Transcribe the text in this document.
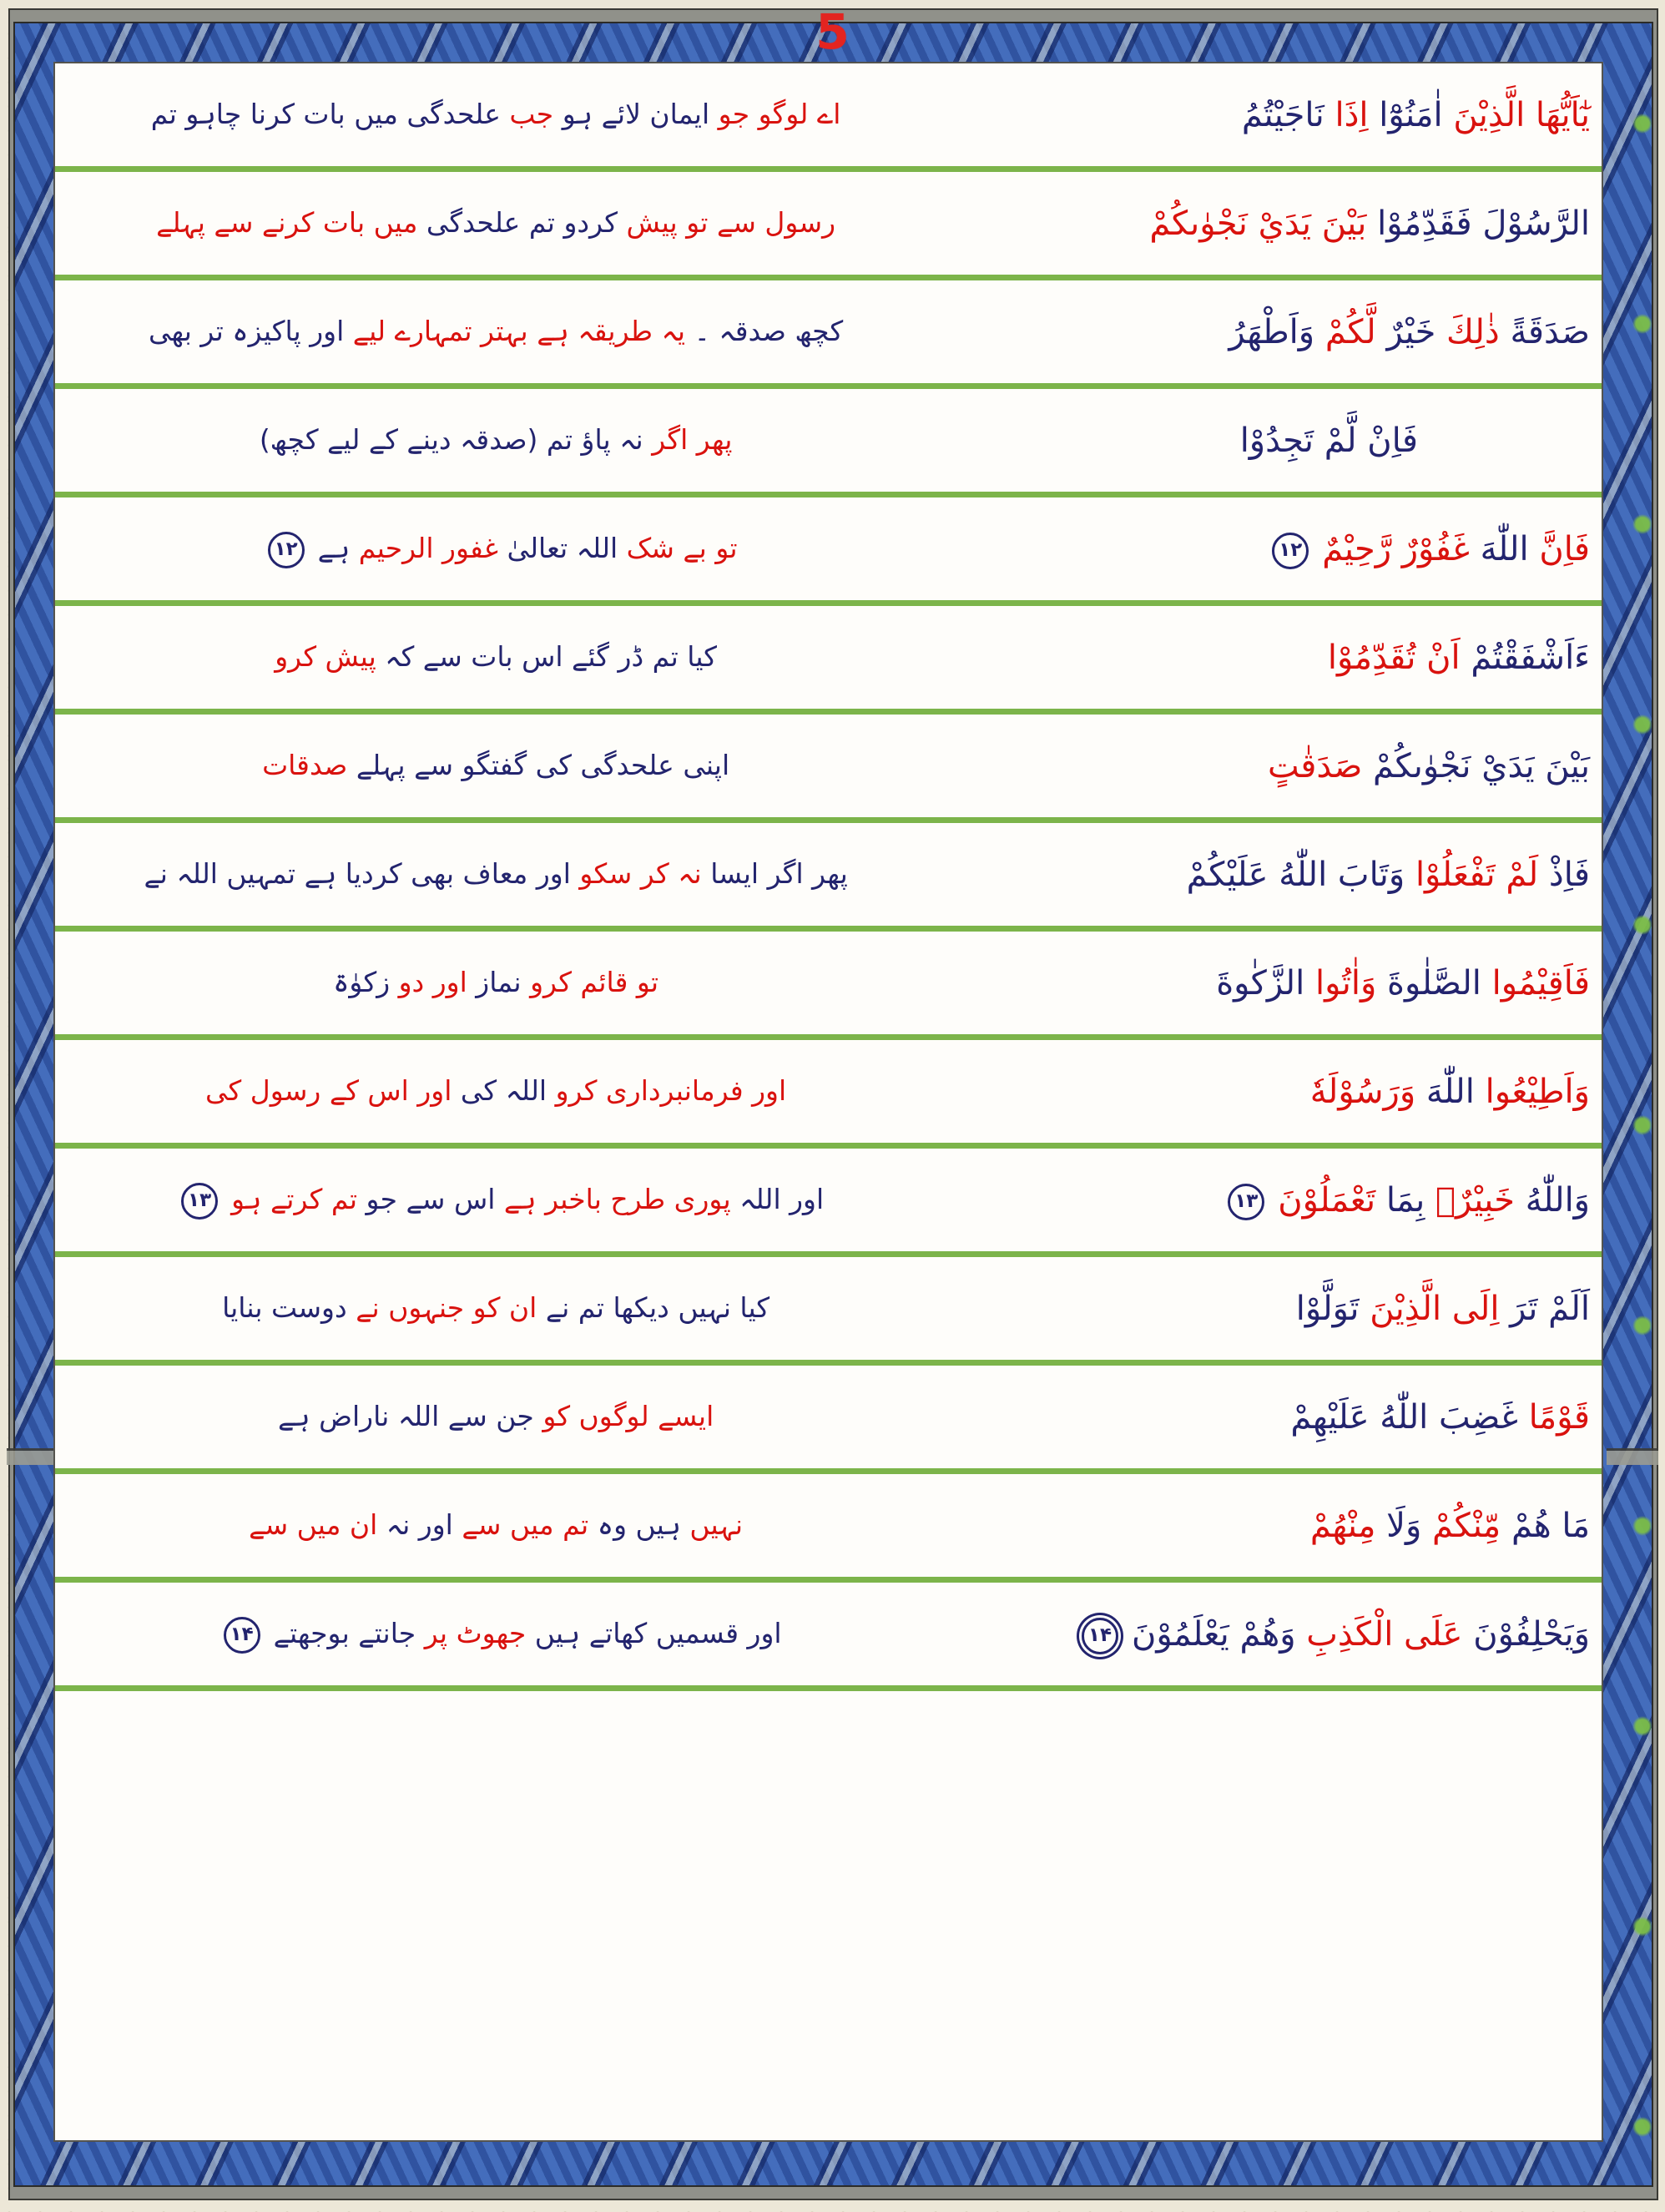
5
يٰٓاَيُّهَا الَّذِيْنَ اٰمَنُوْٓا اِذَا نَاجَيْتُمُ
اے لوگو جو ایمان لائے ہو جب علحدگی میں بات کرنا چاہو تم
الرَّسُوْلَ فَقَدِّمُوْا بَيْنَ يَدَيْ نَجْوٰىكُمْ
رسول سے تو پیش کردو تم علحدگی میں بات کرنے سے پہلے
صَدَقَةً ذٰلِكَ خَيْرٌ لَّكُمْ وَاَطْهَرُ
کچھ صدقہ ۔ یہ طریقہ ہے بہتر تمہارے لیے اور پاکیزہ تر بھی
فَاِنْ لَّمْ تَجِدُوْا
پھر اگر نہ پاؤ تم (صدقہ دینے کے لیے کچھ)
فَاِنَّ اللّٰهَ غَفُوْرٌ رَّحِيْمٌ۱۲
تو بے شک اللہ تعالیٰ غفور الرحیم ہے۱۲
ءَاَشْفَقْتُمْ اَنْ تُقَدِّمُوْا
کیا تم ڈر گئے اس بات سے کہ پیش کرو
بَيْنَ يَدَيْ نَجْوٰىكُمْ صَدَقٰتٍ
اپنی علحدگی کی گفتگو سے پہلے صدقات
فَاِذْ لَمْ تَفْعَلُوْا وَتَابَ اللّٰهُ عَلَيْكُمْ
پھر اگر ایسا نہ کر سکو اور معاف بھی کردیا ہے تمہیں اللہ نے
فَاَقِيْمُوا الصَّلٰوةَ وَاٰتُوا الزَّكٰوةَ
تو قائم کرو نماز اور دو زکوٰۃ
وَاَطِيْعُوا اللّٰهَ وَرَسُوْلَهٗ
اور فرمانبرداری کرو اللہ کی اور اس کے رسول کی
وَاللّٰهُ خَبِيْرٌۢ بِمَا تَعْمَلُوْنَ۱۳
اور اللہ پوری طرح باخبر ہے اس سے جو تم کرتے ہو۱۳
اَلَمْ تَرَ اِلَى الَّذِيْنَ تَوَلَّوْا
کیا نہیں دیکھا تم نے ان کو جنہوں نے دوست بنایا
قَوْمًا غَضِبَ اللّٰهُ عَلَيْهِمْ
ایسے لوگوں کو جن سے اللہ ناراض ہے
مَا هُمْ مِّنْكُمْ وَلَا مِنْهُمْ
نہیں ہیں وہ تم میں سے اور نہ ان میں سے
وَيَحْلِفُوْنَ عَلَى الْكَذِبِ وَهُمْ يَعْلَمُوْنَ۱۴
اور قسمیں کھاتے ہیں جھوٹ پر جانتے بوجھتے۱۴
